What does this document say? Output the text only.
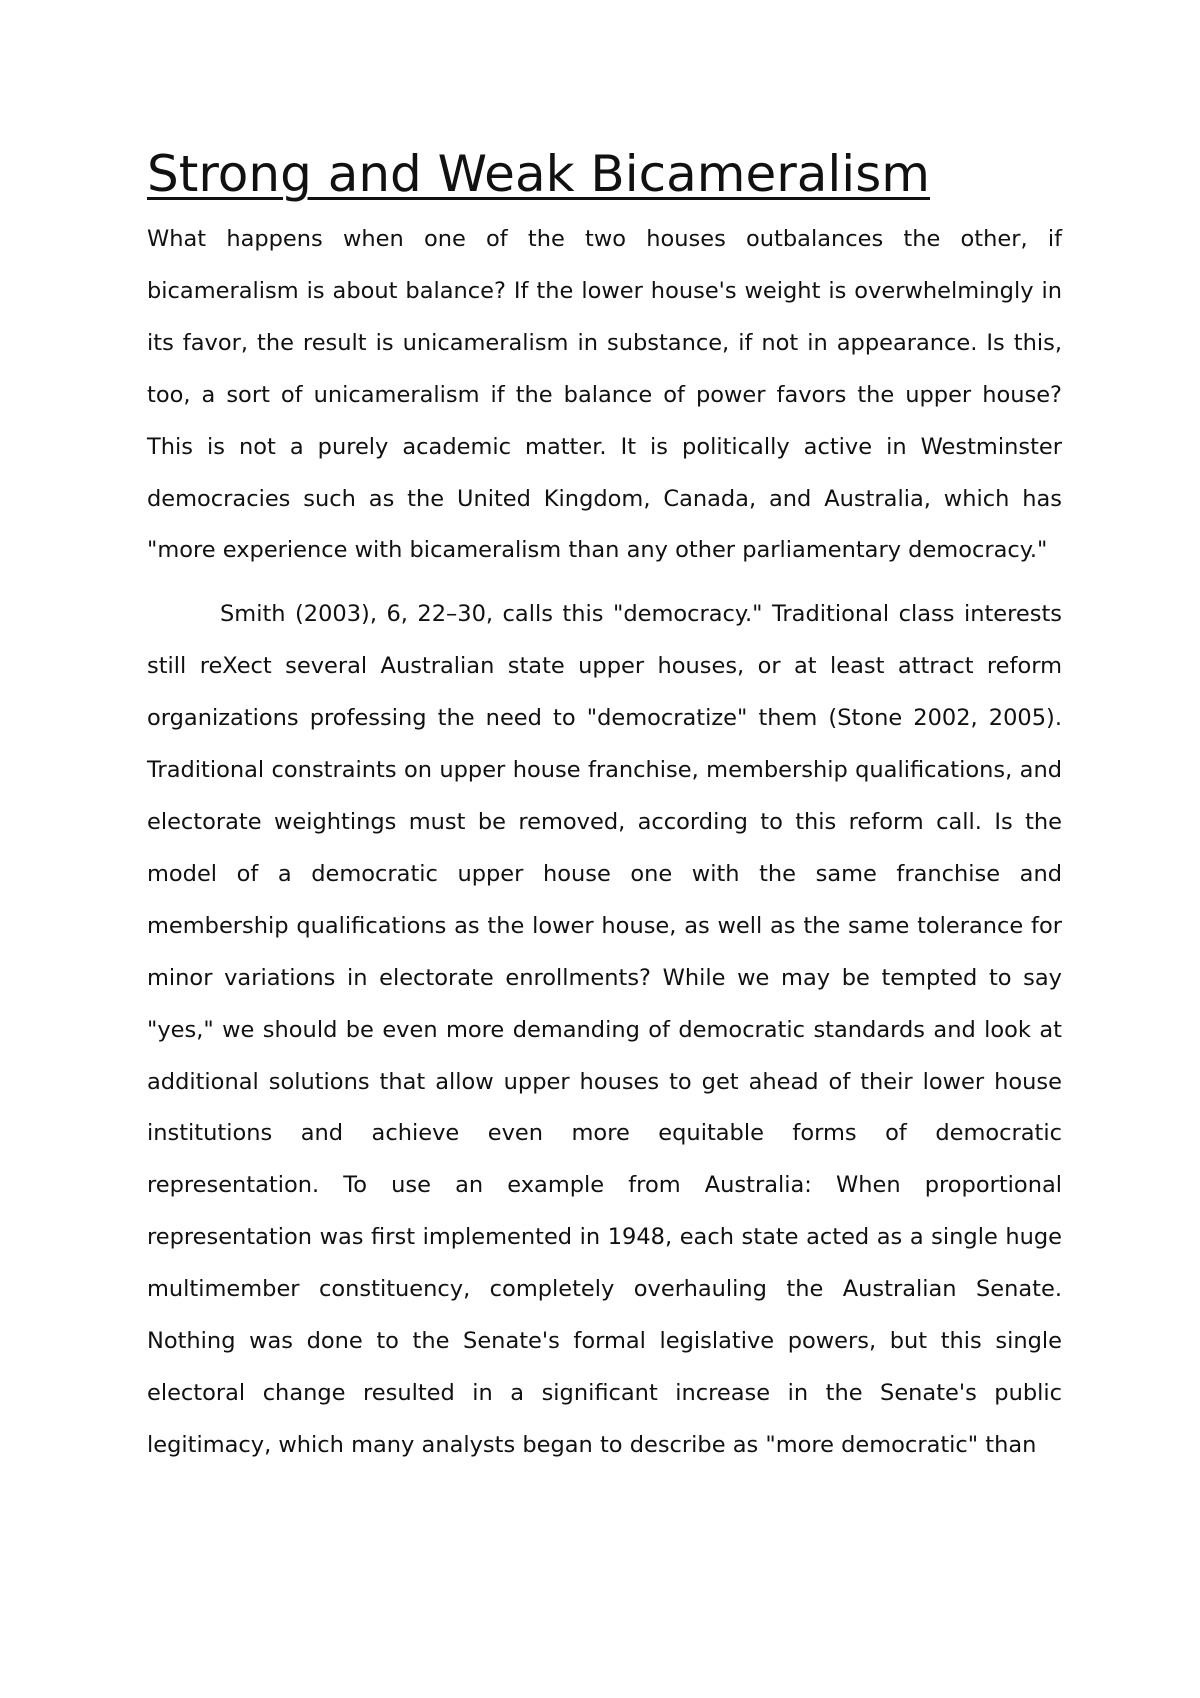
Strong and Weak Bicameralism

What happens when one of the two houses outbalances the other, if bicameralism is about balance? If the lower house's weight is overwhelmingly in its favor, the result is unicameralism in substance, if not in appearance. Is this, too, a sort of unicameralism if the balance of power favors the upper house? This is not a purely academic matter. It is politically active in Westminster democracies such as the United Kingdom, Canada, and Australia, which has "more experience with bicameralism than any other parliamentary democracy."

Smith (2003), 6, 22–30, calls this "democracy." Traditional class interests still reXect several Australian state upper houses, or at least attract reform organizations professing the need to "democratize" them (Stone 2002, 2005). Traditional constraints on upper house franchise, membership qualifications, and electorate weightings must be removed, according to this reform call. Is the model of a democratic upper house one with the same franchise and membership qualifications as the lower house, as well as the same tolerance for minor variations in electorate enrollments? While we may be tempted to say "yes," we should be even more demanding of democratic standards and look at additional solutions that allow upper houses to get ahead of their lower house institutions and achieve even more equitable forms of democratic representation. To use an example from Australia: When proportional representation was first implemented in 1948, each state acted as a single huge multimember constituency, completely overhauling the Australian Senate. Nothing was done to the Senate's formal legislative powers, but this single electoral change resulted in a significant increase in the Senate's public legitimacy, which many analysts began to describe as "more democratic" than
